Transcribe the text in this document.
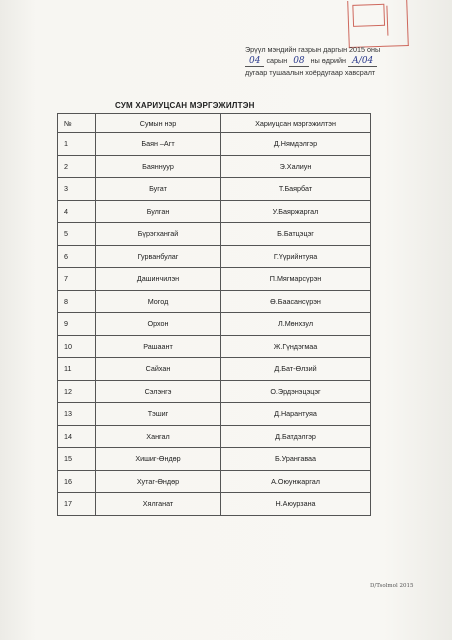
Эрүүл мэндийн газрын даргын 2015 оны
04 сарын 08 ны өдрийн А/04
дугаар тушаалын хоёрдугаар хавсралт
СУМ ХАРИУЦСАН МЭРГЭЖИЛТЭН
№	Сумын нэр	Хариуцсан мэргэжилтэн
1	Баян –Агт	Д.Нямдэлгэр
2	Баяннуур	Э.Халиун
3	Бугат	Т.Баярбат
4	Булган	У.Баяржаргал
5	Бүрэгхангай	Б.Батцэцэг
6	Гурванбулаг	Г.Үүрийнтуяа
7	Дашинчилэн	П.Мягмарсүрэн
8	Могод	Ө.Баасансүрэн
9	Орхон	Л.Мөнхзул
10	Рашаант	Ж.Гүндэгмаа
11	Сайхан	Д.Бат-Өлзий
12	Сэлэнгэ	О.Эрдэнэцэцэг
13	Тэшиг	Д.Нарантуяа
14	Хангал	Д.Батдэлгэр
15	Хишиг-Өндөр	Б.Урангаваа
16	Хутаг-Өндөр	А.Оюунжаргал
17	Хялганат	Н.Аюурзана
D/Tsolmol 2015
